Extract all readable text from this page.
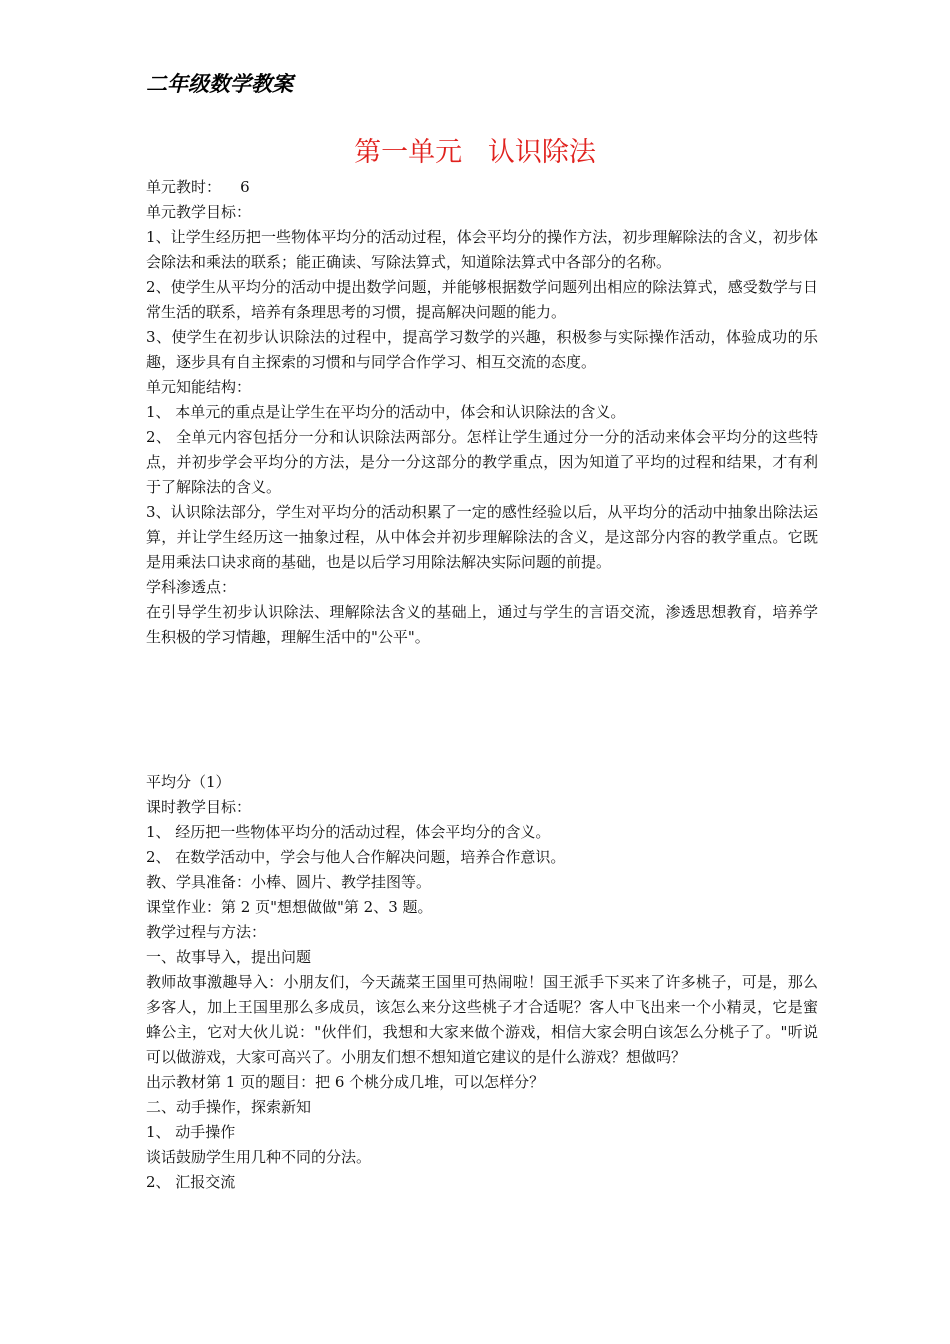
二年级数学教案
第一单元   认识除法
单元教时：    6
单元教学目标：
1、让学生经历把一些物体平均分的活动过程，体会平均分的操作方法，初步理解除法的含义，初步体会除法和乘法的联系；能正确读、写除法算式，知道除法算式中各部分的名称。
2、使学生从平均分的活动中提出数学问题，并能够根据数学问题列出相应的除法算式，感受数学与日常生活的联系，培养有条理思考的习惯，提高解决问题的能力。
3、使学生在初步认识除法的过程中，提高学习数学的兴趣，积极参与实际操作活动，体验成功的乐趣，逐步具有自主探索的习惯和与同学合作学习、相互交流的态度。
单元知能结构：
1、 本单元的重点是让学生在平均分的活动中，体会和认识除法的含义。
2、 全单元内容包括分一分和认识除法两部分。怎样让学生通过分一分的活动来体会平均分的这些特点，并初步学会平均分的方法，是分一分这部分的教学重点，因为知道了平均的过程和结果，才有利于了解除法的含义。
3、认识除法部分，学生对平均分的活动积累了一定的感性经验以后，从平均分的活动中抽象出除法运算，并让学生经历这一抽象过程，从中体会并初步理解除法的含义，是这部分内容的教学重点。它既是用乘法口诀求商的基础，也是以后学习用除法解决实际问题的前提。
学科渗透点：
在引导学生初步认识除法、理解除法含义的基础上，通过与学生的言语交流，渗透思想教育，培养学生积极的学习情趣，理解生活中的"公平"。
平均分（1）
课时教学目标：
1、 经历把一些物体平均分的活动过程，体会平均分的含义。
2、 在数学活动中，学会与他人合作解决问题，培养合作意识。
教、学具准备：小棒、圆片、教学挂图等。
课堂作业：第 2 页"想想做做"第 2、3 题。
教学过程与方法：
一、故事导入，提出问题
教师故事激趣导入：小朋友们，今天蔬菜王国里可热闹啦！国王派手下买来了许多桃子，可是，那么多客人，加上王国里那么多成员，该怎么来分这些桃子才合适呢？客人中飞出来一个小精灵，它是蜜蜂公主，它对大伙儿说："伙伴们，我想和大家来做个游戏，相信大家会明白该怎么分桃子了。"听说可以做游戏，大家可高兴了。小朋友们想不想知道它建议的是什么游戏？想做吗？
出示教材第 1 页的题目：把 6 个桃分成几堆，可以怎样分？
二、动手操作，探索新知
1、 动手操作
谈话鼓励学生用几种不同的分法。
2、 汇报交流
